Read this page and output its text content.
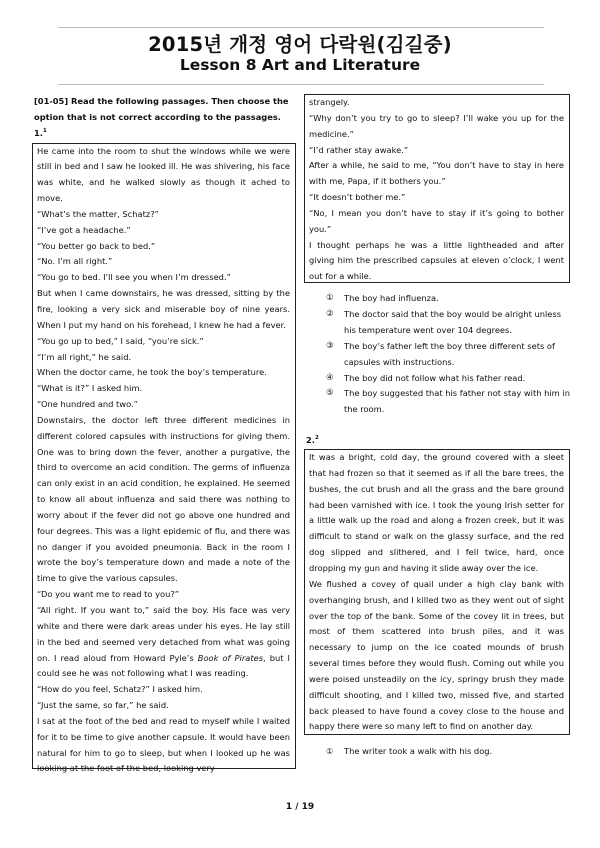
2015년 개정 영어 다락원(김길중)
Lesson 8 Art and Literature
[01-05] Read the following passages. Then choose the option that is not correct according to the passages.
1.$^1$

He came into the room to shut the windows while we were still in bed and I saw he looked ill. He was shivering, his face was white, and he walked slowly as though it ached to move.

“What’s the matter, Schatz?”

“I’ve got a headache.”

“You better go back to bed.”

“No. I’m all right.”

“You go to bed. I’ll see you when I’m dressed.”

But when I came downstairs, he was dressed, sitting by the fire, looking a very sick and miserable boy of nine years. When I put my hand on his forehead, I knew he had a fever.

“You go up to bed,” I said, “you’re sick.”

“I’m all right,” he said.

When the doctor came, he took the boy’s temperature.

“What is it?” I asked him.

“One hundred and two.”

Downstairs, the doctor left three different medicines in different colored capsules with instructions for giving them. One was to bring down the fever, another a purgative, the third to overcome an acid condition. The germs of influenza can only exist in an acid condition, he explained. He seemed to know all about influenza and said there was nothing to worry about if the fever did not go above one hundred and four degrees. This was a light epidemic of flu, and there was no danger if you avoided pneumonia. Back in the room I wrote the boy’s temperature down and made a note of the time to give the various capsules.

“Do you want me to read to you?”

“All right. If you want to,” said the boy. His face was very white and there were dark areas under his eyes. He lay still in the bed and seemed very detached from what was going on. I read aloud from Howard Pyle’s Book of Pirates, but I could see he was not following what I was reading.

“How do you feel, Schatz?” I asked him.

“Just the same, so far,” he said.

I sat at the foot of the bed and read to myself while I waited for it to be time to give another capsule. It would have been natural for him to go to sleep, but when I looked up he was looking at the foot of the bed, looking very

strangely.

“Why don’t you try to go to sleep? I’ll wake you up for the medicine.”

“I’d rather stay awake.”

After a while, he said to me, “You don’t have to stay in here with me, Papa, if it bothers you.”

“It doesn’t bother me.”

“No, I mean you don’t have to stay if it’s going to bother you.”

I thought perhaps he was a little lightheaded and after giving him the prescribed capsules at eleven o’clock, I went out for a while.

①	The boy had influenza.
②	The doctor said that the boy would be alright unless his temperature went over 104 degrees.
③	The boy’s father left the boy three different sets of capsules with instructions.
④	The boy did not follow what his father read.
⑤	The boy suggested that his father not stay with him in the room.
2.$^2$

It was a bright, cold day, the ground covered with a sleet that had frozen so that it seemed as if all the bare trees, the bushes, the cut brush and all the grass and the bare ground had been varnished with ice. I took the young Irish setter for a little walk up the road and along a frozen creek, but it was difficult to stand or walk on the glassy surface, and the red dog slipped and slithered, and I fell twice, hard, once dropping my gun and having it slide away over the ice.

We flushed a covey of quail under a high clay bank with overhanging brush, and I killed two as they went out of sight over the top of the bank. Some of the covey lit in trees, but most of them scattered into brush piles, and it was necessary to jump on the ice coated mounds of brush several times before they would flush. Coming out while you were poised unsteadily on the icy, springy brush they made difficult shooting, and I killed two, missed five, and started back pleased to have found a covey close to the house and happy there were so many left to find on another day.

①	The writer took a walk with his dog.
1 / 19
